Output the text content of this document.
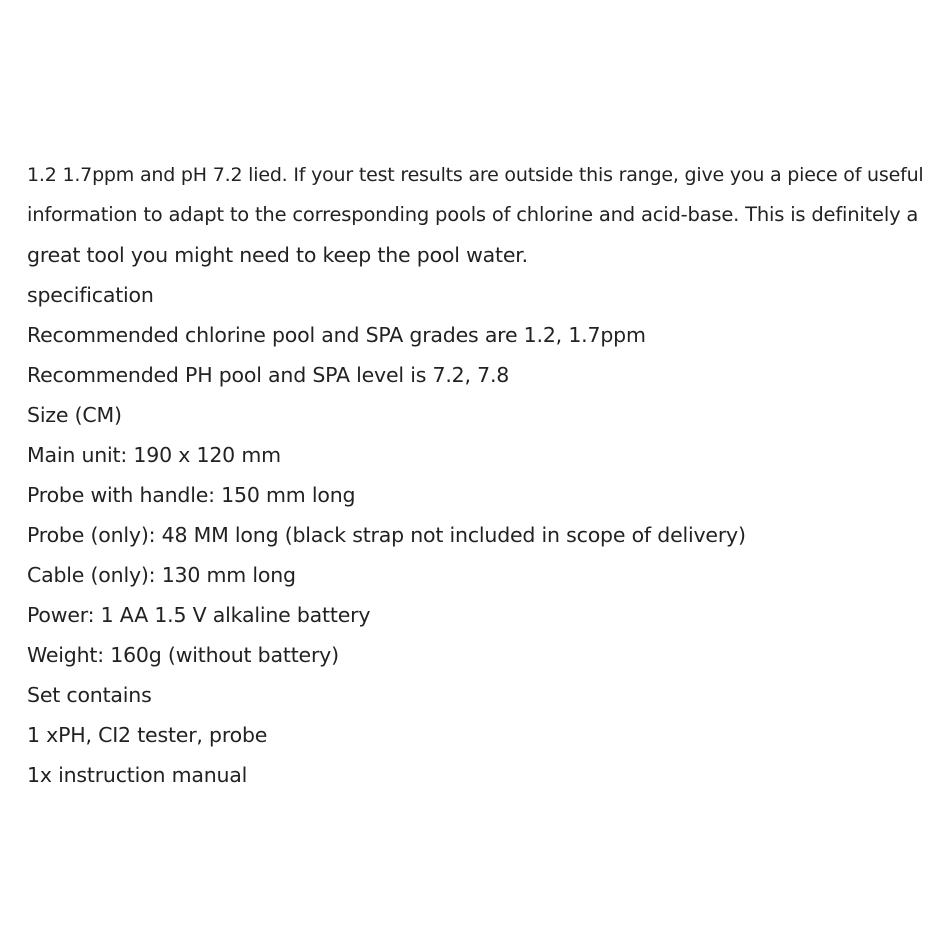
1.2 1.7ppm and pH 7.2 lied. If your test results are outside this range, give you a piece of useful

information to adapt to the corresponding pools of chlorine and acid-base. This is definitely a

great tool you might need to keep the pool water.

specification

Recommended chlorine pool and SPA grades are 1.2, 1.7ppm

Recommended PH pool and SPA level is 7.2, 7.8

Size (CM)

Main unit: 190 x 120 mm

Probe with handle: 150 mm long

Probe (only): 48 MM long (black strap not included in scope of delivery)

Cable (only): 130 mm long

Power: 1 AA 1.5 V alkaline battery

Weight: 160g (without battery)

Set contains

1 xPH, CI2 tester, probe

1x instruction manual
